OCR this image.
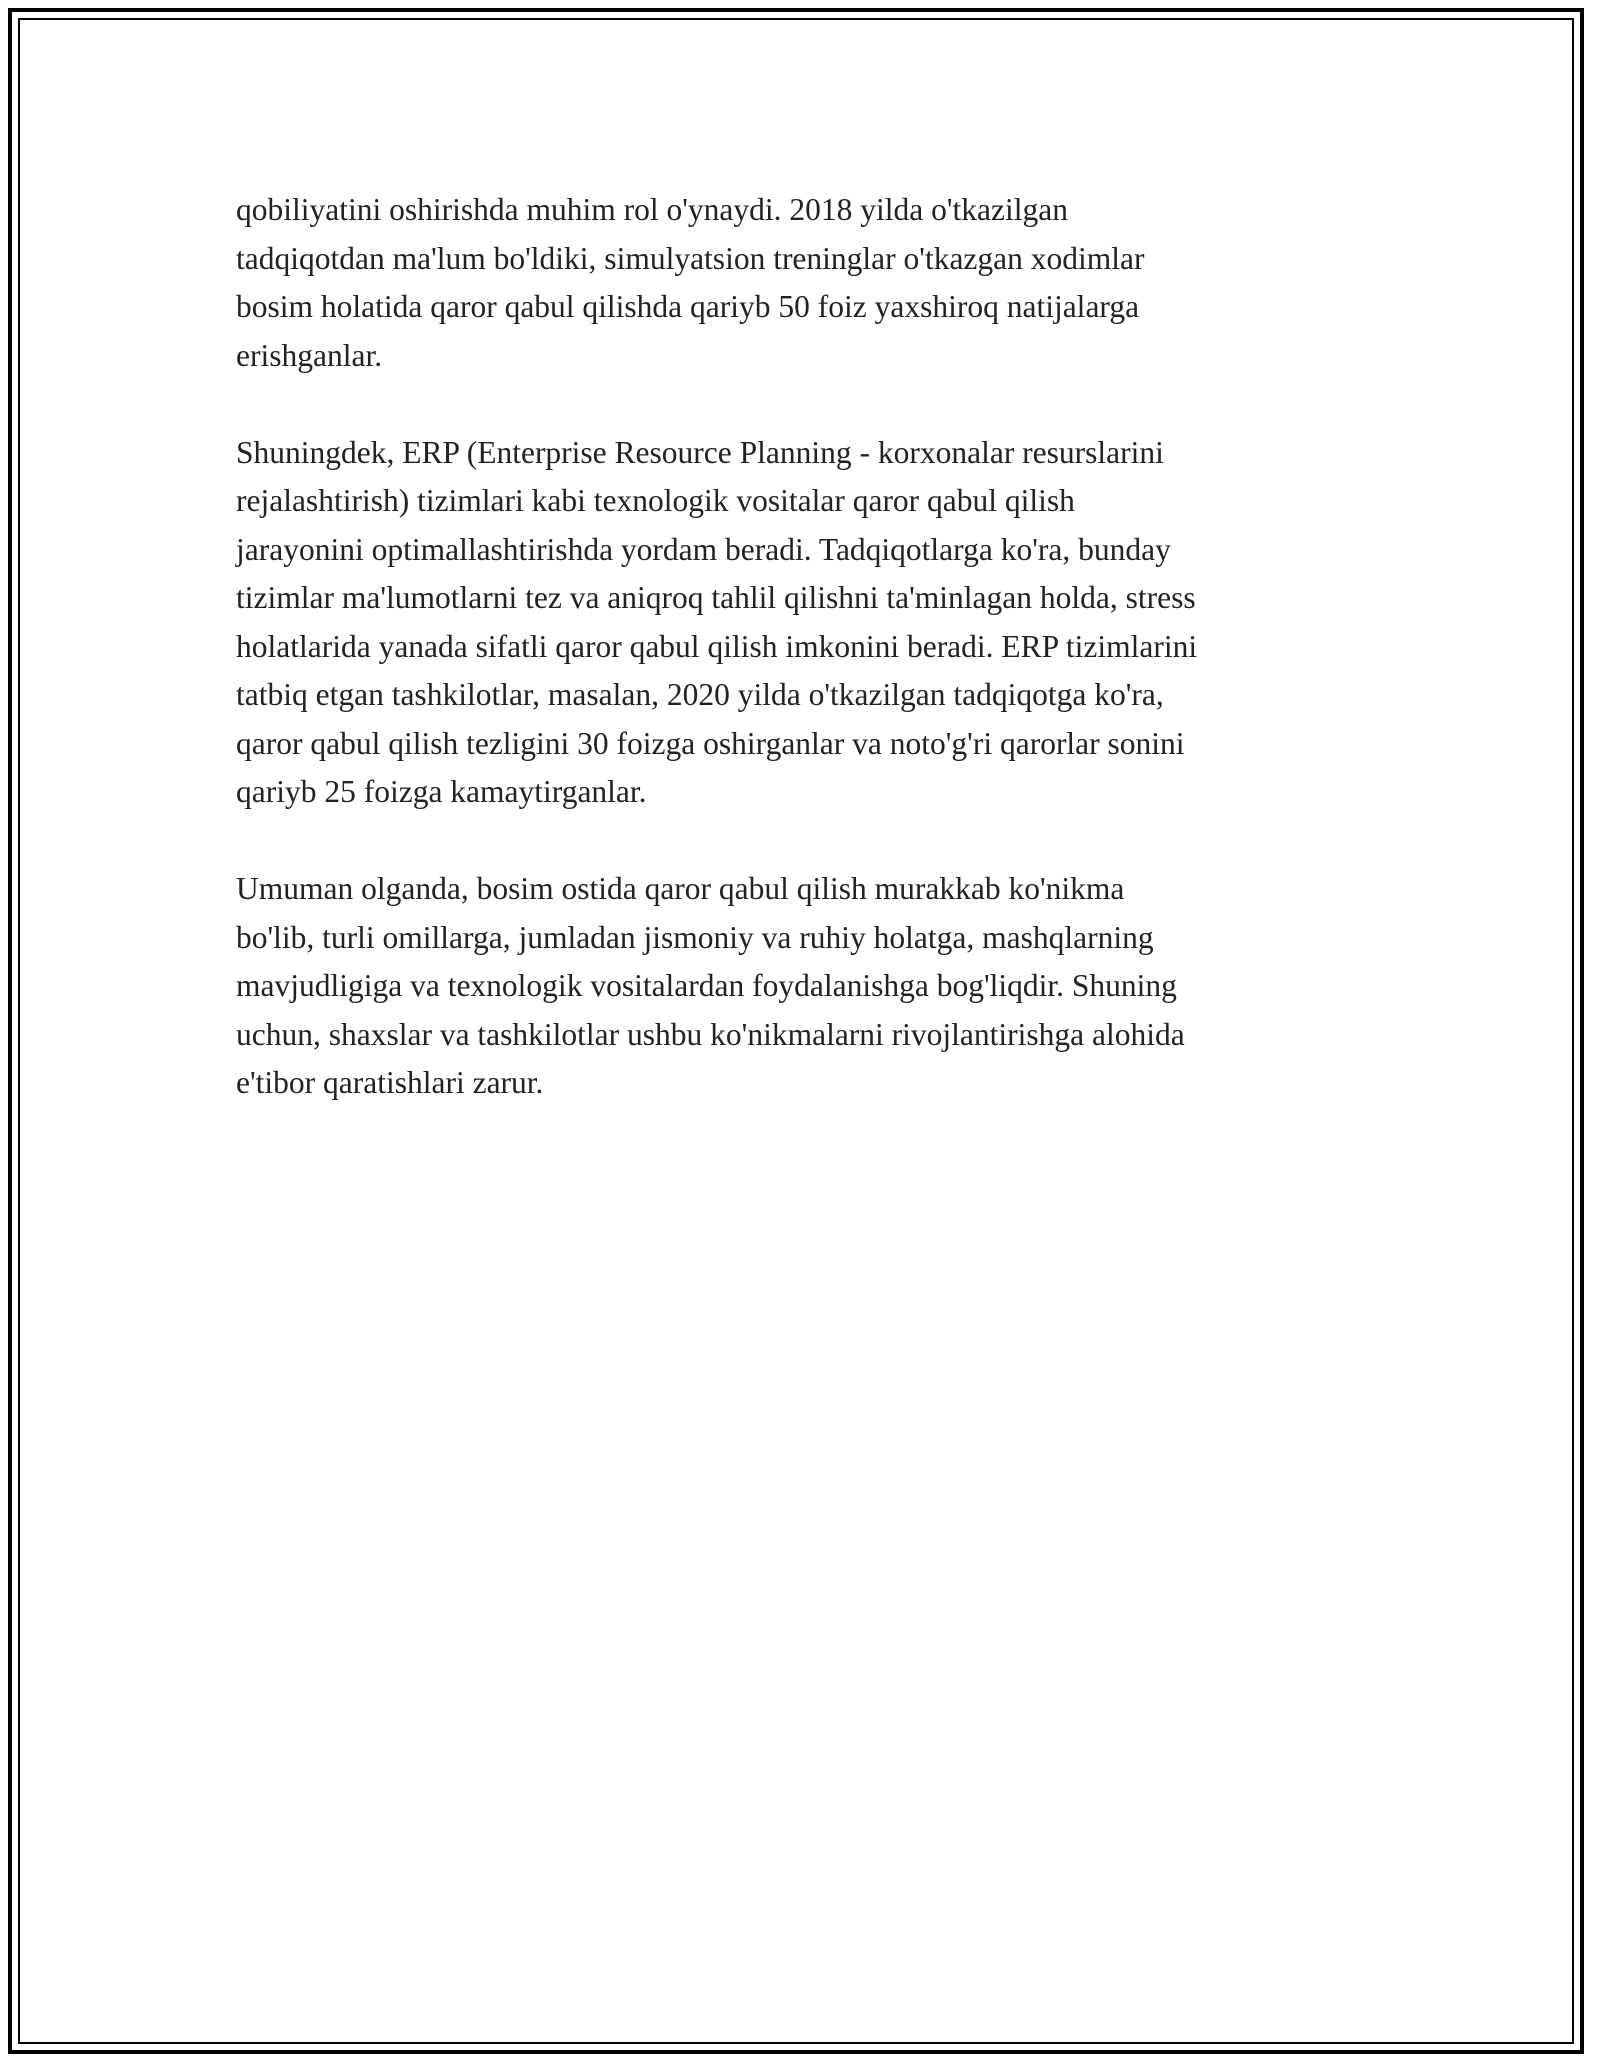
qobiliyatini oshirishda muhim rol o'ynaydi. 2018 yilda o'tkazilgan
tadqiqotdan ma'lum bo'ldiki, simulyatsion treninglar o'tkazgan xodimlar
bosim holatida qaror qabul qilishda qariyb 50 foiz yaxshiroq natijalarga
erishganlar.

Shuningdek, ERP (Enterprise Resource Planning - korxonalar resurslarini
rejalashtirish) tizimlari kabi texnologik vositalar qaror qabul qilish
jarayonini optimallashtirishda yordam beradi. Tadqiqotlarga ko'ra, bunday
tizimlar ma'lumotlarni tez va aniqroq tahlil qilishni ta'minlagan holda, stress
holatlarida yanada sifatli qaror qabul qilish imkonini beradi. ERP tizimlarini
tatbiq etgan tashkilotlar, masalan, 2020 yilda o'tkazilgan tadqiqotga ko'ra,
qaror qabul qilish tezligini 30 foizga oshirganlar va noto'g'ri qarorlar sonini
qariyb 25 foizga kamaytirganlar.

Umuman olganda, bosim ostida qaror qabul qilish murakkab ko'nikma
bo'lib, turli omillarga, jumladan jismoniy va ruhiy holatga, mashqlarning
mavjudligiga va texnologik vositalardan foydalanishga bog'liqdir. Shuning
uchun, shaxslar va tashkilotlar ushbu ko'nikmalarni rivojlantirishga alohida
e'tibor qaratishlari zarur.
